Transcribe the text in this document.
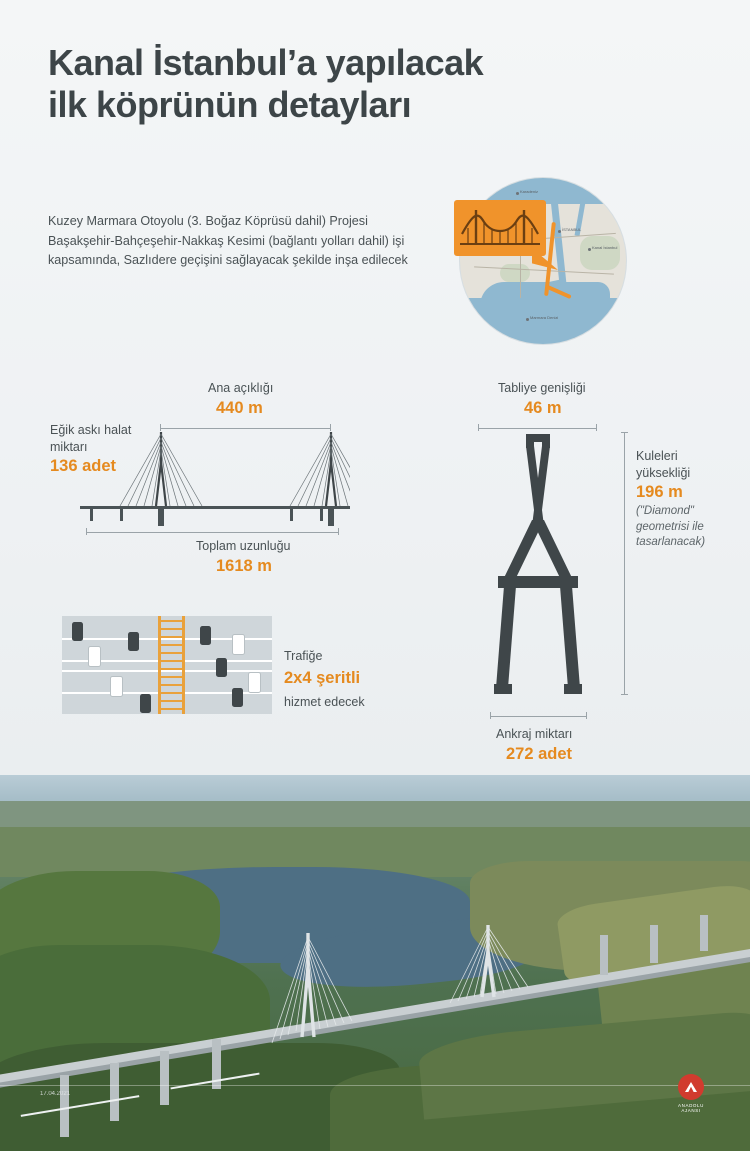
Kanal İstanbul’a yapılacak ilk köprünün detayları
Kuzey Marmara Otoyolu (3. Boğaz Köprüsü dahil) Projesi Başakşehir-Bahçeşehir-Nakkaş Kesimi (bağlantı yolları dahil) işi kapsamında, Sazlıdere geçişini sağlayacak şekilde inşa edilecek
İSTANBUL
Karadeniz
Kanal İstanbul
Marmara Denizi
Ana açıklığı
440 m
Eğik askı halat miktarı
136 adet
Toplam uzunluğu
1618 m
Trafiğe
2x4 şeritli
hizmet edecek
Tabliye genişliği
46 m
Kuleleri yüksekliği
196 m
("Diamond" geometrisi ile tasarlanacak)
Ankraj miktarı
272 adet
17.04.2021
ANADOLU AJANSI
